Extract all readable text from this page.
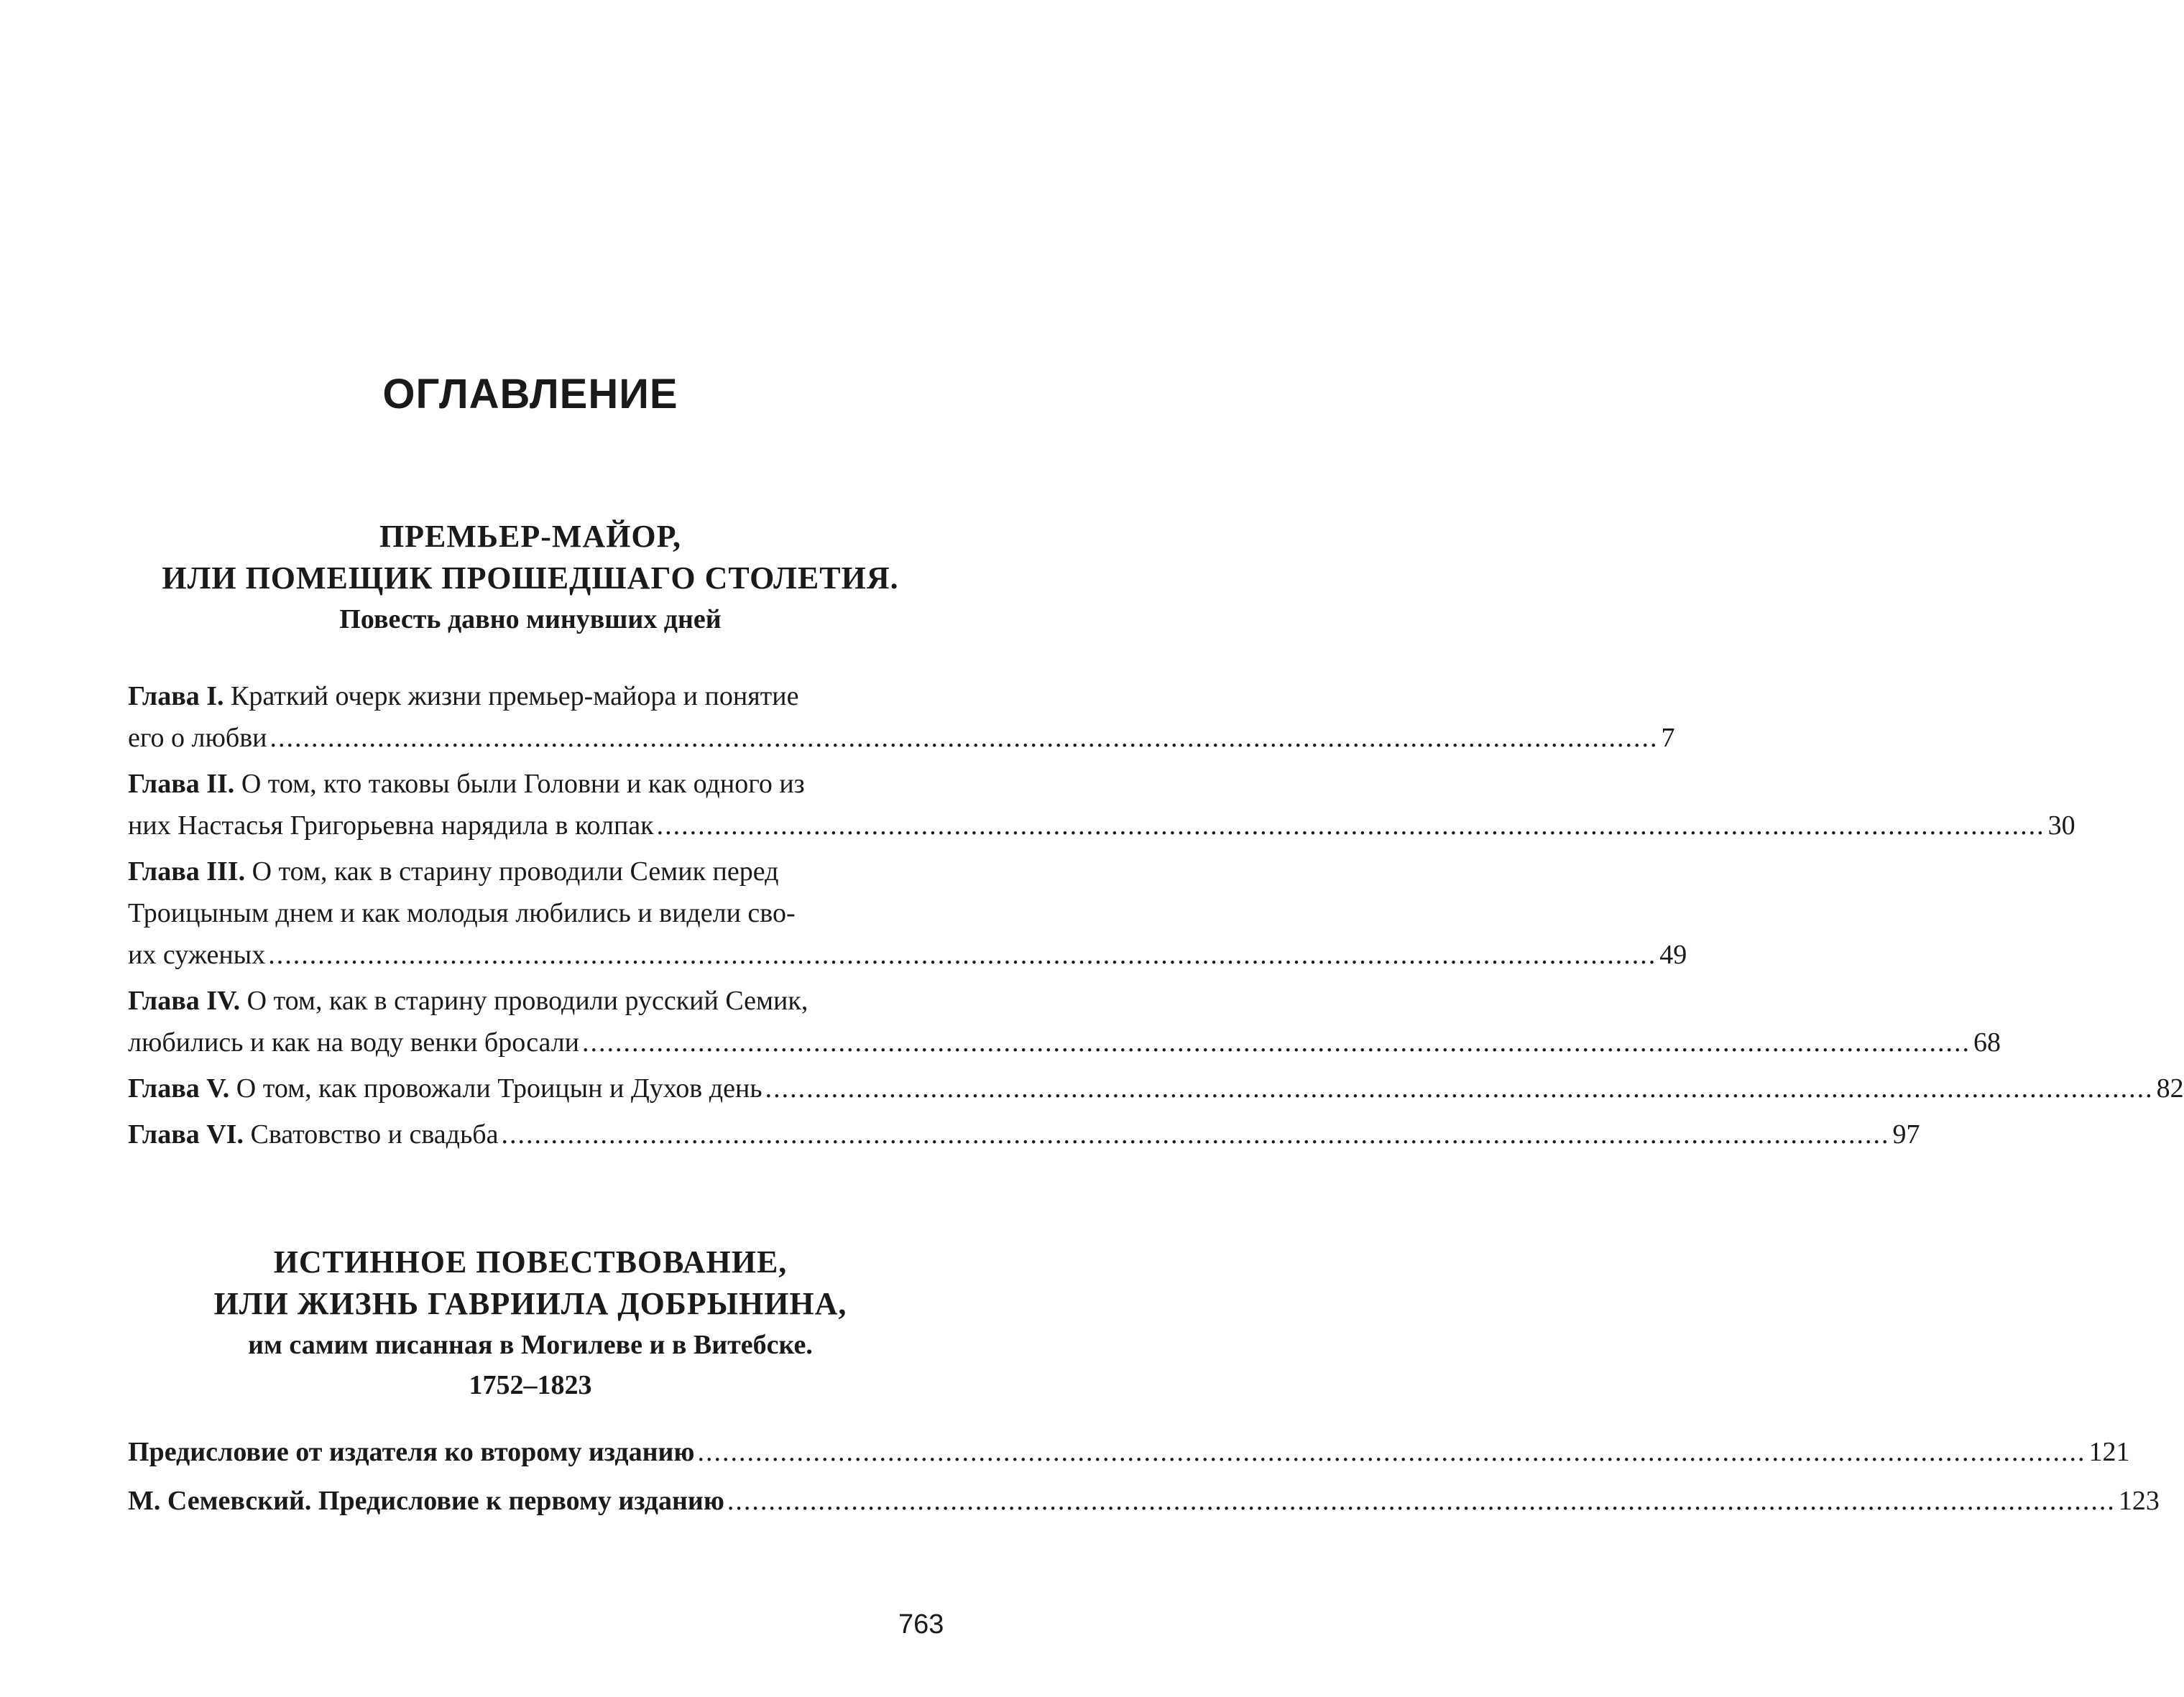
ОГЛАВЛЕНИЕ
ПРЕМЬЕР-МАЙОР,
ИЛИ ПОМЕЩИК ПРОШЕДШАГО СТОЛЕТИЯ.
Повесть давно минувших дней
Глава I.
Краткий очерк жизни премьер-майора и понятие
его о любви ........................................................................................................................................................................ 7
Глава II.
О том, кто таковы были Головни и как одного из
них Настасья Григорьевна нарядила в колпак ........................................................................................................................................................................ 30
Глава III.
О том, как в старину проводили Семик перед
Троицыным днем и как молодыя любились и видели сво-
их суженых ........................................................................................................................................................................ 49
Глава IV.
О том, как в старину проводили русский Семик,
любились и как на воду венки бросали ........................................................................................................................................................................ 68
Глава V.
О том, как провожали Троицын и Духов день ........................................................................................................................................................................ 82
Глава VI.
Сватовство и свадьба ........................................................................................................................................................................ 97
ИСТИННОЕ ПОВЕСТВОВАНИЕ,
ИЛИ ЖИЗНЬ ГАВРИИЛА ДОБРЫНИНА,
им самим писанная в Могилеве и в Витебске.
1752–1823
Предисловие от издателя ко второму изданию ........................................................................................................................................................................ 121
М. Семевский. Предисловие к первому изданию ........................................................................................................................................................................ 123
763
